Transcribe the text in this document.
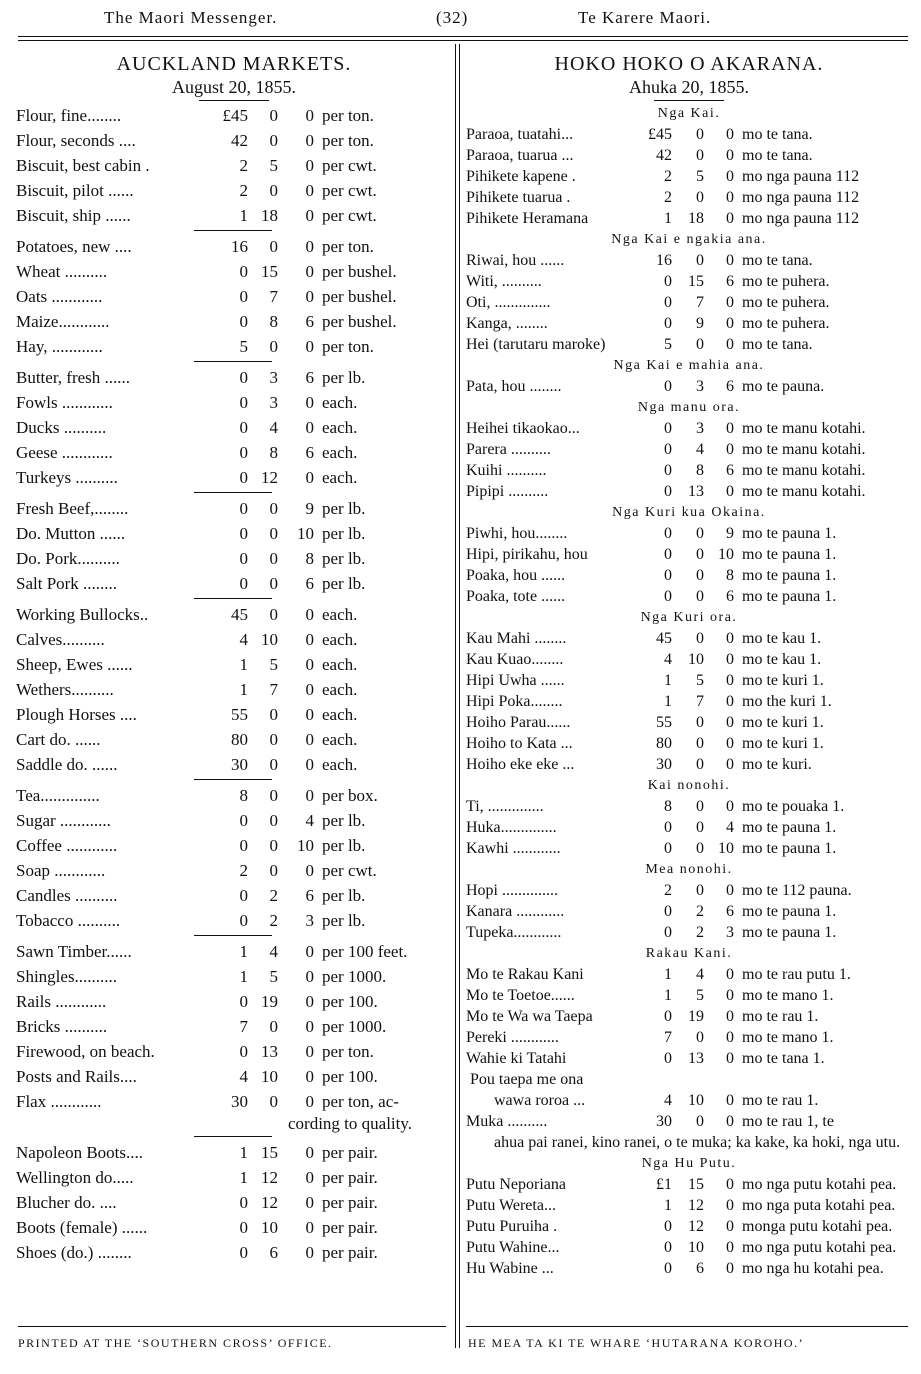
The Maori Messenger.	(32)	Te Karere Maori.
AUCKLAND MARKETS.
August 20, 1855.
Flour, fine........	£45	0	0 per ton.
Flour, seconds ....	42	0	0 per ton.
Biscuit, best cabin .	2	5	0 per cwt.
Biscuit, pilot ......	2	0	0 per cwt.
Biscuit, ship ......	1 18	0 per cwt.
Potatoes, new ....	16	0	0 per ton.
Wheat ..........	0 15	0 per bushel.
Oats ............	0	7	0 per bushel.
Maize............	0	8	6 per bushel.
Hay, ............	5	0	0 per ton.
Butter, fresh ......	0	3	6 per lb.
Fowls ............	0	3	0 each.
Ducks ..........	0	4	0 each.
Geese ............	0	8	6 each.
Turkeys ..........	0 12	0 each.
Fresh Beef,........	0	0	9 per lb.
Do. Mutton ......	0	0 10 per lb.
Do. Pork..........	0	0	8 per lb.
Salt Pork ........	0	0	6 per lb.
Working Bullocks..	45	0	0 each.
Calves..........	4 10	0 each.
Sheep, Ewes ......	1	5	0 each.
Wethers..........	1	7	0 each.
Plough Horses ....	55	0	0 each.
Cart do. ......	80	0	0 each.
Saddle do. ......	30	0	0 each.
Tea..............	8	0	0 per box.
Sugar ............	0	0	4 per lb.
Coffee ............	0	0 10 per lb.
Soap ............	2	0	0 per cwt.
Candles ..........	0	2	6 per lb.
Tobacco ..........	0	2	3 per lb.
Sawn Timber......	1	4	0 per 100 feet.
Shingles..........	1	5	0 per 1000.
Rails ............	0 19	0 per 100.
Bricks ..........	7	0	0 per 1000.
Firewood, on beach.	0 13	0 per ton.
Posts and Rails....	4 10	0 per 100.
Flax ............	30	0	0 per ton, ac-
cording to quality.
Napoleon Boots....	1 15	0 per pair.
Wellington do.....	1 12	0 per pair.
Blucher do. ....	0 12	0 per pair.
Boots (female) ......	0 10	0 per pair.
Shoes (do.) ........	0	6	0 per pair.
HOKO HOKO O AKARANA.
Ahuka 20, 1855.
Nga Kai.
Paraoa, tuatahi...	£45	0	0 mo te tana.
Paraoa, tuarua ...	42	0	0 mo te tana.
Pihikete kapene .	2	5	0 mo nga pauna 112
Pihikete tuarua .	2	0	0 mo nga pauna 112
Pihikete Heramana	1	18	0 mo nga pauna 112
Nga Kai e ngakia ana.
Riwai, hou ......	16	0	0 mo te tana.
Witi, ..........	0	15	6 mo te puhera.
Oti, ..............	0	7	0 mo te puhera.
Kanga, ........	0	9	0 mo te puhera.
Hei (tarutaru maroke)	5	0	0 mo te tana.
Nga Kai e mahia ana.
Pata, hou ........	0	3	6 mo te pauna.
Nga manu ora.
Heihei tikaokao...	0	3	0 mo te manu kotahi.
Parera ..........	0	4	0 mo te manu kotahi.
Kuihi ..........	0	8	6 mo te manu kotahi.
Pipipi ..........	0	13	0 mo te manu kotahi.
Nga Kuri kua Okaina.
Piwhi, hou........	0	0	9 mo te pauna 1.
Hipi, pirikahu, hou	0	0 10 mo te pauna 1.
Poaka, hou ......	0	0	8 mo te pauna 1.
Poaka, tote ......	0	0	6 mo te pauna 1.
Nga Kuri ora.
Kau Mahi ........	45	0	0 mo te kau 1.
Kau Kuao........	4	10	0 mo te kau 1.
Hipi Uwha ......	1	5	0 mo te kuri 1.
Hipi Poka........	1	7	0 mo the kuri 1.
Hoiho Parau......	55	0	0 mo te kuri 1.
Hoiho to Kata ...	80	0	0 mo te kuri 1.
Hoiho eke eke ...	30	0	0 mo te kuri.
Kai nonohi.
Ti, ..............	8	0	0 mo te pouaka 1.
Huka..............	0	0	4 mo te pauna 1.
Kawhi ............	0	0 10 mo te pauna 1.
Mea nonohi.
Hopi ..............	2	0	0 mo te 112 pauna.
Kanara ............	0	2	6 mo te pauna 1.
Tupeka............	0	2	3 mo te pauna 1.
Rakau Kani.
Mo te Rakau Kani	1	4	0 mo te rau putu 1.
Mo te Toetoe......	1	5	0 mo te mano 1.
Mo te Wa wa Taepa	0	19	0 mo te rau 1.
Pereki ............	7	0	0 mo te mano 1.
Wahie ki Tatahi	0	13	0 mo te tana 1.
Pou taepa me ona
wawa roroa ...	4	10	0 mo te rau 1.
Muka ..........	30	0	0 mo te rau 1, te
ahua pai ranei, kino ranei, o te muka; ka kake, ka hoki, nga utu.
Nga Hu Putu.
Putu Neporiana	£1	15	0 mo nga putu kotahi pea.
Putu Wereta...	1	12	0 mo nga puta kotahi pea.
Putu Puruiha .	0	12	0 monga putu kotahi pea.
Putu Wahine...	0	10	0 mo nga putu kotahi pea.
Hu Wabine ...	0	6	0 mo nga hu kotahi pea.
PRINTED AT THE ‘SOUTHERN CROSS’ OFFICE.	HE MEA TA KI TE WHARE ‘HUTARANA KOROHO.’
